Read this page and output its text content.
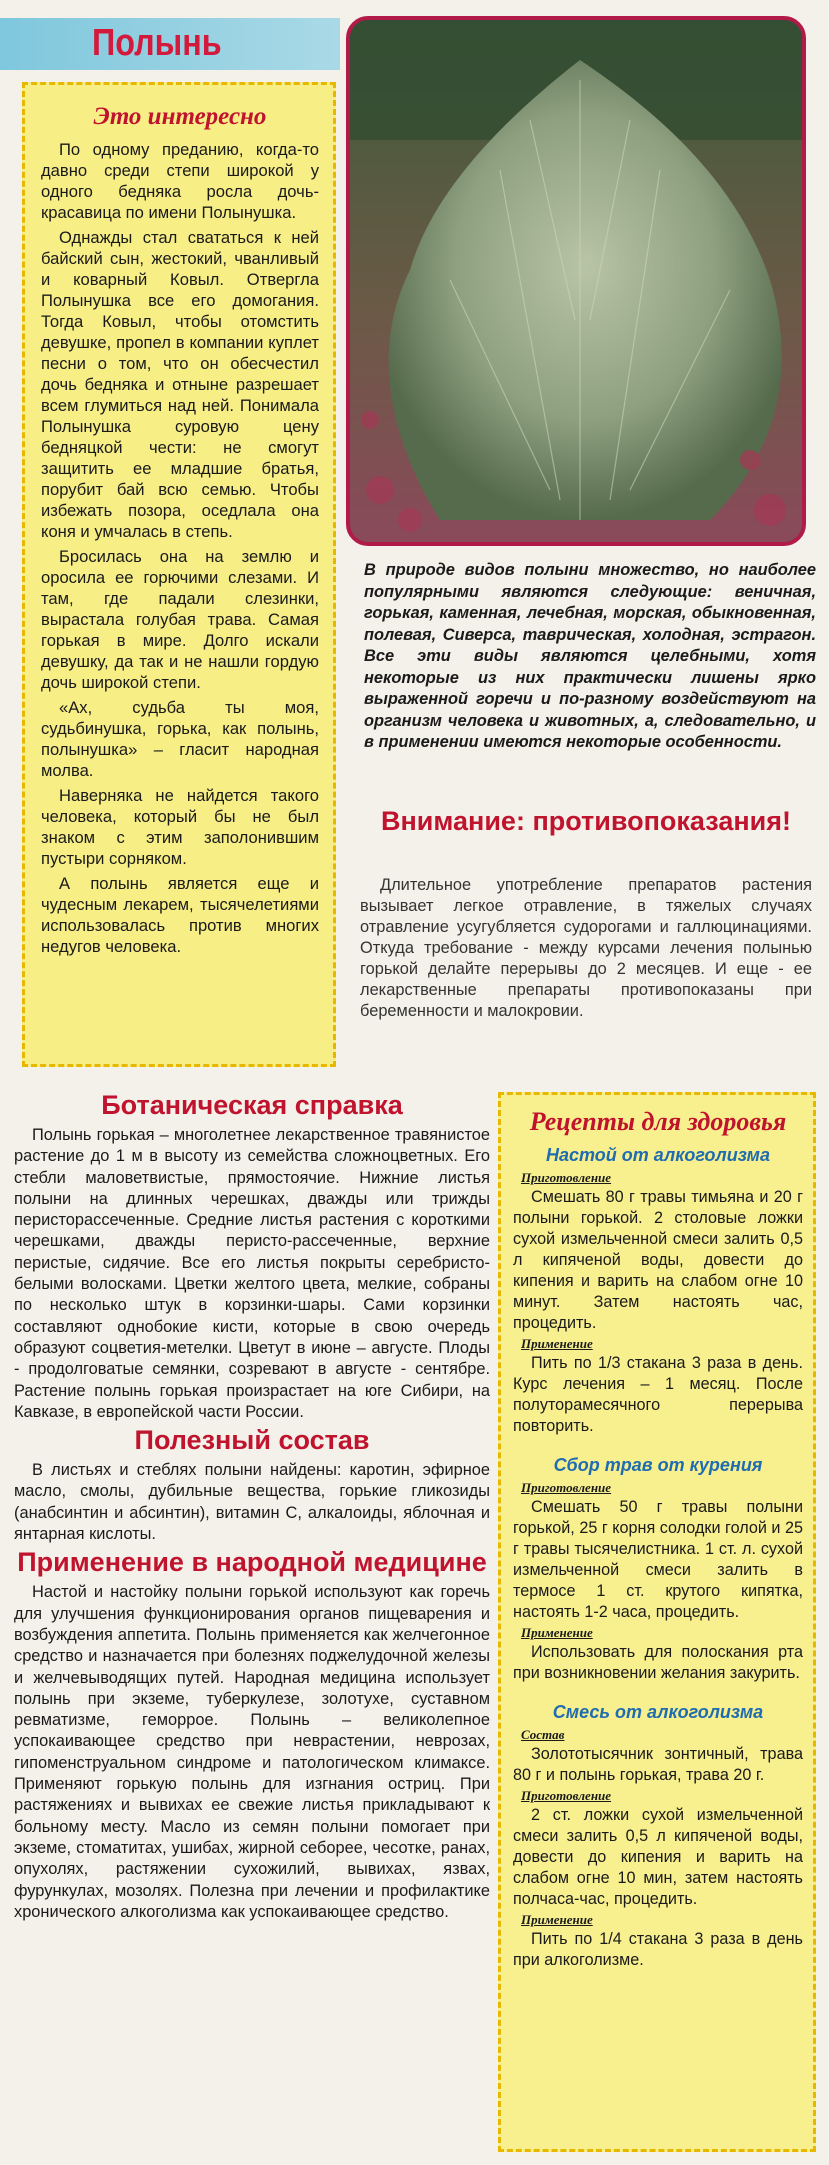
Полынь
Это интересно

По одному преданию, когда-то давно среди степи широкой у одного бедняка росла дочь-красавица по имени Полынушка.

Однажды стал свататься к ней байский сын, жестокий, чванливый и коварный Ковыл. Отвергла Полынушка все его домогания. Тогда Ковыл, чтобы отомстить девушке, пропел в компании куплет песни о том, что он обесчестил дочь бедняка и отныне разрешает всем глумиться над ней. Понимала Полынушка суровую цену бедняцкой чести: не смогут защитить ее младшие братья, порубит бай всю семью. Чтобы избежать позора, оседлала она коня и умчалась в степь.

Бросилась она на землю и оросила ее горючими слезами. И там, где падали слезинки, вырастала голубая трава. Самая горькая в мире. Долго искали девушку, да так и не нашли гордую дочь широкой степи.

«Ах, судьба ты моя, судьбинушка, горька, как полынь, полынушка» – гласит народная молва.

Наверняка не найдется такого человека, который бы не был знаком с этим заполонившим пустыри сорняком.

А полынь является еще и чудесным лекарем, тысячелетиями использовалась против многих недугов человека.

В природе видов полыни множество, но наиболее популярными являются следующие: веничная, горькая, каменная, лечебная, морская, обыкновенная, полевая, Сиверса, таврическая, холодная, эстрагон. Все эти виды являются целебными, хотя некоторые из них практически лишены ярко выраженной горечи и по-разному воздействуют на организм человека и животных, а, следовательно, и в применении имеются некоторые особенности.
Внимание: противопоказания!
Длительное употребление препаратов растения вызывает легкое отравление, в тяжелых случаях отравление усугубляется судорогами и галлюцинациями. Откуда требование - между курсами лечения полынью горькой делайте перерывы до 2 месяцев. И еще - ее лекарственные препараты противопоказаны при беременности и малокровии.
Ботаническая справка

Полынь горькая – многолетнее лекарственное травянистое растение до 1 м в высоту из семейства сложноцветных. Его стебли маловетвистые, прямостоячие. Нижние листья полыни на длинных черешках, дважды или трижды перисторассеченные. Средние листья растения с короткими черешками, дважды перисто-рассеченные, верхние перистые, сидячие. Все его листья покрыты серебристо-белыми волосками. Цветки желтого цвета, мелкие, собраны по несколько штук в корзинки-шары. Сами корзинки составляют однобокие кисти, которые в свою очередь образуют соцветия-метелки. Цветут в июне – августе. Плоды - продолговатые семянки, созревают в августе - сентябре. Растение полынь горькая произрастает на юге Сибири, на Кавказе, в европейской части России.

Полезный состав

В листьях и стеблях полыни найдены: каротин, эфирное масло, смолы, дубильные вещества, горькие гликозиды (анабсинтин и абсинтин), витамин С, алкалоиды, яблочная и янтарная кислоты.

Применение в народной медицине

Настой и настойку полыни горькой используют как горечь для улучшения функционирования органов пищеварения и возбуждения аппетита. Полынь применяется как желчегонное средство и назначается при болезнях поджелудочной железы и желчевыводящих путей. Народная медицина использует полынь при экземе, туберкулезе, золотухе, суставном ревматизме, геморрое. Полынь – великолепное успокаивающее средство при неврастении, неврозах, гипоменструальном синдроме и патологическом климаксе. Применяют горькую полынь для изгнания остриц. При растяжениях и вывихах ее свежие листья прикладывают к больному месту. Масло из семян полыни помогает при экземе, стоматитах, ушибах, жирной себорее, чесотке, ранах, опухолях, растяжении сухожилий, вывихах, язвах, фурункулах, мозолях. Полезна при лечении и профилактике хронического алкоголизма как успокаивающее средство.

Рецепты для здоровья
Настой от алкоголизма
Приготовление

Смешать 80 г травы тимьяна и 20 г полыни горькой. 2 столовые ложки сухой измельченной смеси залить 0,5 л кипяченой воды, довести до кипения и варить на слабом огне 10 минут. Затем настоять час, процедить.

Применение

Пить по 1/3 стакана 3 раза в день. Курс лечения – 1 месяц. После полуторамесячного перерыва повторить.

Сбор трав от курения
Приготовление

Смешать 50 г травы полыни горькой, 25 г корня солодки голой и 25 г травы тысячелистника. 1 ст. л. сухой измельченной смеси залить в термосе 1 ст. крутого кипятка, настоять 1-2 часа, процедить.

Применение

Использовать для полоскания рта при возникновении желания закурить.

Смесь от алкоголизма
Состав

Золототысячник зонтичный, трава 80 г и полынь горькая, трава 20 г.

Приготовление

2 ст. ложки сухой измельченной смеси залить 0,5 л кипяченой воды, довести до кипения и варить на слабом огне 10 мин, затем настоять полчаса-час, процедить.

Применение

Пить по 1/4 стакана 3 раза в день при алкоголизме.
